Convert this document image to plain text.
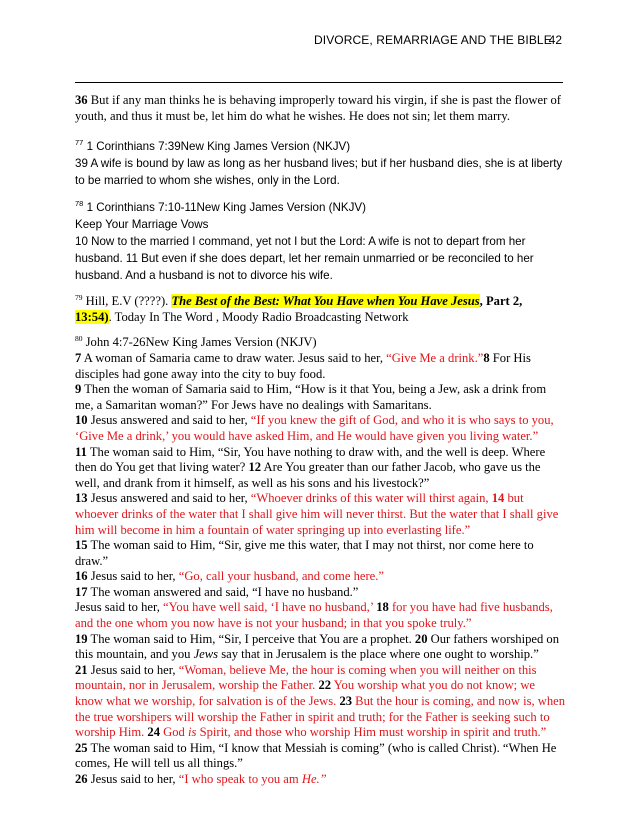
DIVORCE, REMARRIAGE AND THE BIBLE
42
36 But if any man thinks he is behaving improperly toward his virgin, if she is past the flower of
youth, and thus it must be, let him do what he wishes. He does not sin; let them marry.
$^{77}$ 1 Corinthians 7:39New King James Version (NKJV)
39 A wife is bound by law as long as her husband lives; but if her husband dies, she is at liberty
to be married to whom she wishes, only in the Lord.
$^{78}$ 1 Corinthians 7:10-11New King James Version (NKJV)
Keep Your Marriage Vows
10 Now to the married I command, yet not I but the Lord: A wife is not to depart from her
husband. 11 But even if she does depart, let her remain unmarried or be reconciled to her
husband. And a husband is not to divorce his wife.
$^{79}$ Hill, E.V (????). The Best of the Best: What You Have when You Have Jesus, Part 2,
13:54). Today In The Word , Moody Radio Broadcasting Network
$^{80}$ John 4:7-26New King James Version (NKJV)
7 A woman of Samaria came to draw water. Jesus said to her, “Give Me a drink.”8 For His
disciples had gone away into the city to buy food.
9 Then the woman of Samaria said to Him, “How is it that You, being a Jew, ask a drink from
me, a Samaritan woman?” For Jews have no dealings with Samaritans.
10 Jesus answered and said to her, “If you knew the gift of God, and who it is who says to you,
‘Give Me a drink,’ you would have asked Him, and He would have given you living water.”
11 The woman said to Him, “Sir, You have nothing to draw with, and the well is deep. Where
then do You get that living water? 12 Are You greater than our father Jacob, who gave us the
well, and drank from it himself, as well as his sons and his livestock?”
13 Jesus answered and said to her, “Whoever drinks of this water will thirst again, 14 but
whoever drinks of the water that I shall give him will never thirst. But the water that I shall give
him will become in him a fountain of water springing up into everlasting life.”
15 The woman said to Him, “Sir, give me this water, that I may not thirst, nor come here to
draw.”
16 Jesus said to her, “Go, call your husband, and come here.”
17 The woman answered and said, “I have no husband.”
Jesus said to her, “You have well said, ‘I have no husband,’ 18 for you have had five husbands,
and the one whom you now have is not your husband; in that you spoke truly.”
19 The woman said to Him, “Sir, I perceive that You are a prophet. 20 Our fathers worshiped on
this mountain, and you Jews say that in Jerusalem is the place where one ought to worship.”
21 Jesus said to her, “Woman, believe Me, the hour is coming when you will neither on this
mountain, nor in Jerusalem, worship the Father. 22 You worship what you do not know; we
know what we worship, for salvation is of the Jews. 23 But the hour is coming, and now is, when
the true worshipers will worship the Father in spirit and truth; for the Father is seeking such to
worship Him. 24 God is Spirit, and those who worship Him must worship in spirit and truth.”
25 The woman said to Him, “I know that Messiah is coming” (who is called Christ). “When He
comes, He will tell us all things.”
26 Jesus said to her, “I who speak to you am He.”
